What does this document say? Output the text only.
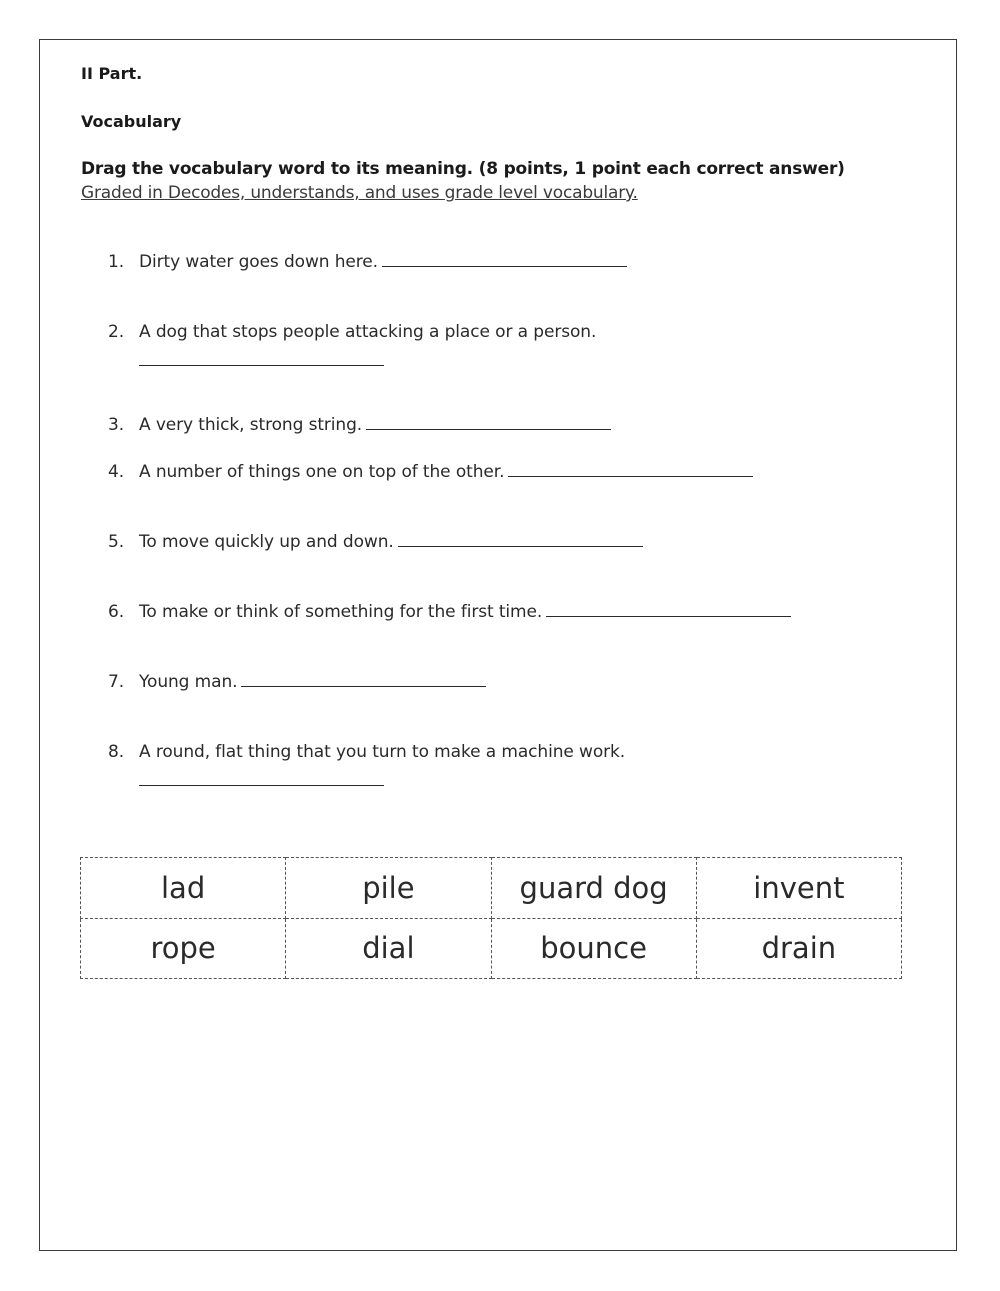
II Part.
Vocabulary
Drag the vocabulary word to its meaning. (8 points, 1 point each correct answer)
Graded in Decodes, understands, and uses grade level vocabulary.
1. Dirty water goes down here.
2. A dog that stops people attacking a place or a person.
3. A very thick, strong string.
4. A number of things one on top of the other.
5. To move quickly up and down.
6. To make or think of something for the first time.
7. Young man.
8. A round, flat thing that you turn to make a machine work.
lad	pile	guard dog	invent
rope	dial	bounce	drain
